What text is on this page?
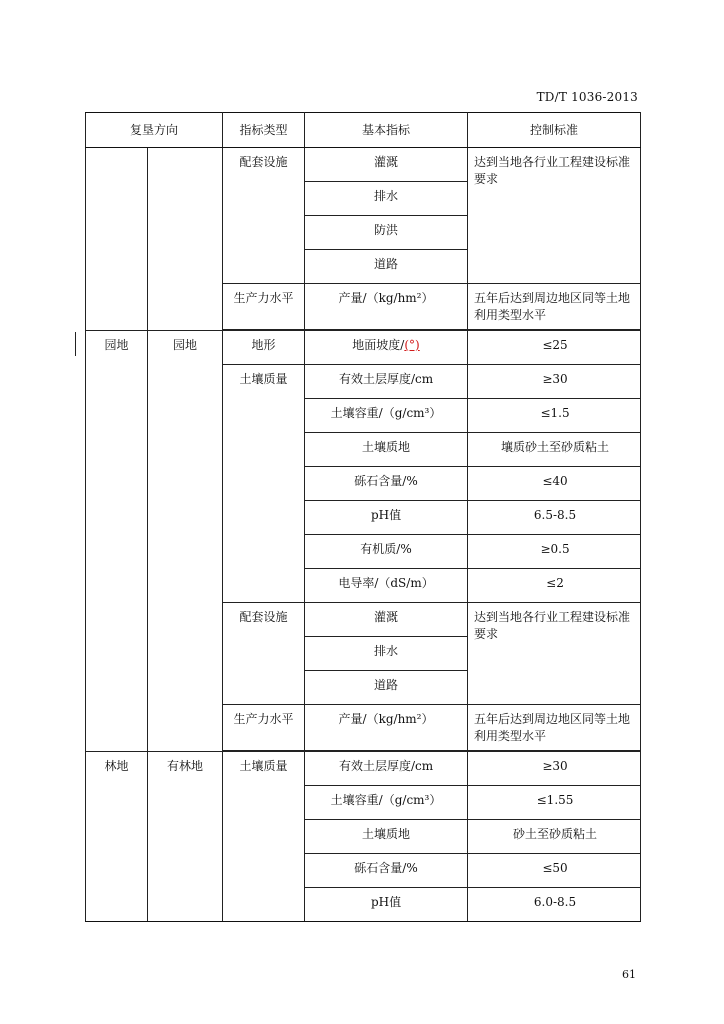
TD/T 1036-2013
复垦方向		指标类型	基本指标	控制标准
		配套设施	灌溉	达到当地各行业工程建设标准要求
			排水	
			防洪	
			道路	
		生产力水平	产量/（kg/hm²）	五年后达到周边地区同等土地利用类型水平

园地	园地	地形	地面坡度/(°)	≤25
		土壤质量	有效土层厚度/cm	≥30
			土壤容重/（g/cm³）	≤1.5
			土壤质地	壤质砂土至砂质粘土
			砾石含量/%	≤40
			pH值	6.5-8.5
			有机质/%	≥0.5
			电导率/（dS/m）	≤2
		配套设施	灌溉	达到当地各行业工程建设标准要求
			排水	
			道路	
		生产力水平	产量/（kg/hm²）	五年后达到周边地区同等土地利用类型水平

林地	有林地	土壤质量	有效土层厚度/cm	≥30
			土壤容重/（g/cm³）	≤1.55
			土壤质地	砂土至砂质粘土
			砾石含量/%	≤50
			pH值	6.0-8.5
61
